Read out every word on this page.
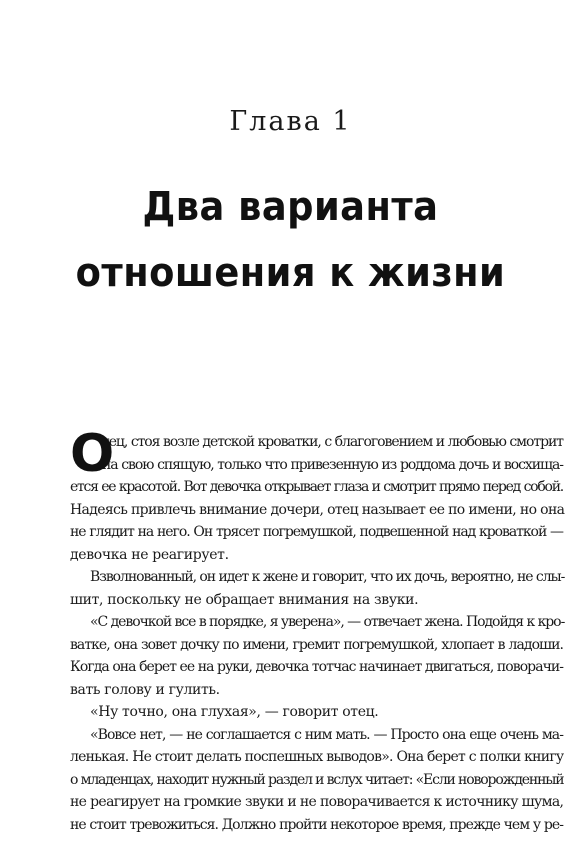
Глава 1
Два варианта
отношения к жизни
О
тец, стоя возле детской кроватки, с благоговением и любовью смотрит
на свою спящую, только что привезенную из роддома дочь и восхища-
ется ее красотой. Вот девочка открывает глаза и смотрит прямо перед собой.
Надеясь привлечь внимание дочери, отец называет ее по имени, но она
не глядит на него. Он трясет погремушкой, подвешенной над кроваткой —
девочка не реагирует.
Взволнованный, он идет к жене и говорит, что их дочь, вероятно, не слы-
шит, поскольку не обращает внимания на звуки.
«С девочкой все в порядке, я уверена», — отвечает жена. Подойдя к кро-
ватке, она зовет дочку по имени, гремит погремушкой, хлопает в ладоши.
Когда она берет ее на руки, девочка тотчас начинает двигаться, поворачи-
вать голову и гулить.
«Ну точно, она глухая», — говорит отец.
«Вовсе нет, — не соглашается с ним мать. — Просто она еще очень ма-
ленькая. Не стоит делать поспешных выводов». Она берет с полки книгу
о младенцах, находит нужный раздел и вслух читает: «Если новорожденный
не реагирует на громкие звуки и не поворачивается к источнику шума,
не стоит тревожиться. Должно пройти некоторое время, прежде чем у ре-
